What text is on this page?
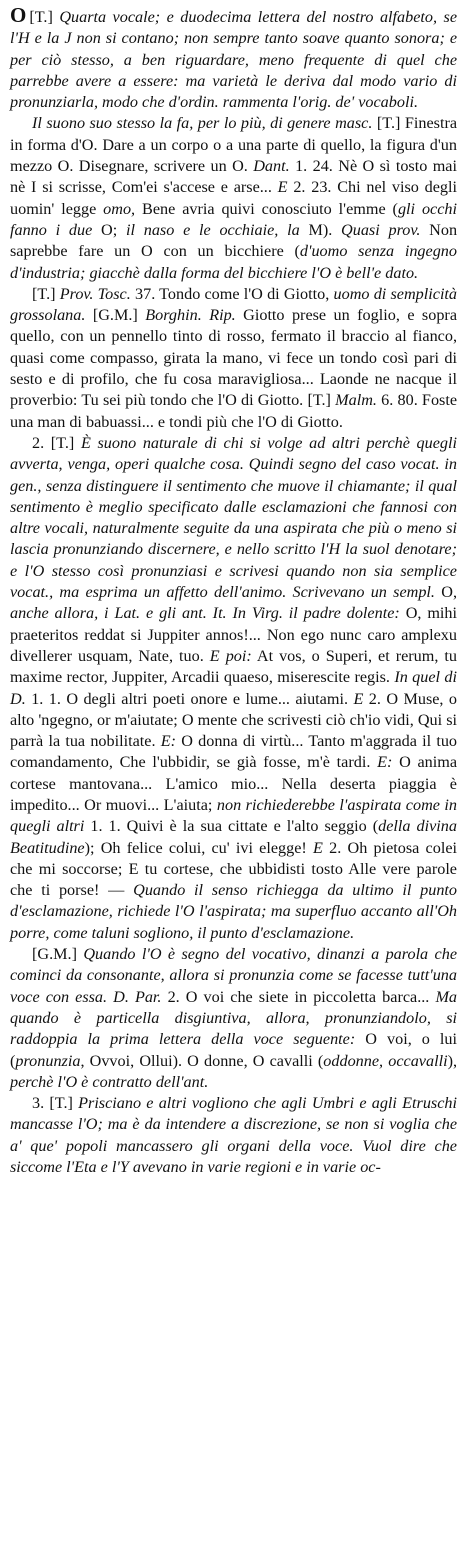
O [T.] Quarta vocale; e duodecima lettera del nostro alfabeto, se l'H e la J non si contano; non sempre tanto soave quanto sonora; e per ciò stesso, a ben riguardare, meno frequente di quel che parrebbe avere a essere: ma varietà le deriva dal modo vario di pronunziarla, modo che d'ordin. rammenta l'orig. de' vocaboli.

Il suono suo stesso la fa, per lo più, di genere masc. [T.] Finestra in forma d'O. Dare a un corpo o a una parte di quello, la figura d'un mezzo O. Disegnare, scrivere un O. Dant. 1. 24. Nè O sì tosto mai nè I si scrisse, Com'ei s'accese e arse... E 2. 23. Chi nel viso degli uomin' legge omo, Bene avria quivi conosciuto l'emme (gli occhi fanno i due O; il naso e le occhiaie, la M). Quasi prov. Non saprebbe fare un O con un bicchiere (d'uomo senza ingegno d'industria; giacchè dalla forma del bicchiere l'O è bell'e dato.

[T.] Prov. Tosc. 37. Tondo come l'O di Giotto, uomo di semplicità grossolana. [G.M.] Borghin. Rip. Giotto prese un foglio, e sopra quello, con un pennello tinto di rosso, fermato il braccio al fianco, quasi come compasso, girata la mano, vi fece un tondo così pari di sesto e di profilo, che fu cosa maravigliosa... Laonde ne nacque il proverbio: Tu sei più tondo che l'O di Giotto. [T.] Malm. 6. 80. Foste una man di babuassi... e tondi più che l'O di Giotto.

2. [T.] È suono naturale di chi si volge ad altri perchè quegli avverta, venga, operi qualche cosa. Quindi segno del caso vocat. in gen., senza distinguere il sentimento che muove il chiamante; il qual sentimento è meglio specificato dalle esclamazioni che fannosi con altre vocali, naturalmente seguite da una aspirata che più o meno si lascia pronunziando discernere, e nello scritto l'H la suol denotare; e l'O stesso così pronunziasi e scrivesi quando non sia semplice vocat., ma esprima un affetto dell'animo. Scrivevano un sempl. O, anche allora, i Lat. e gli ant. It. In Virg. il padre dolente: O, mihi praeteritos reddat si Juppiter annos!... Non ego nunc caro amplexu divellerer usquam, Nate, tuo. E poi: At vos, o Superi, et rerum, tu maxime rector, Juppiter, Arcadii quaeso, miserescite regis. In quel di D. 1. 1. O degli altri poeti onore e lume... aiutami. E 2. O Muse, o alto 'ngegno, or m'aiutate; O mente che scrivesti ciò ch'io vidi, Qui si parrà la tua nobilitate. E: O donna di virtù... Tanto m'aggrada il tuo comandamento, Che l'ubbidir, se già fosse, m'è tardi. E: O anima cortese mantovana... L'amico mio... Nella deserta piaggia è impedito... Or muovi... L'aiuta; non richiederebbe l'aspirata come in quegli altri 1. 1. Quivi è la sua cittate e l'alto seggio (della divina Beatitudine); Oh felice colui, cu' ivi elegge! E 2. Oh pietosa colei che mi soccorse; E tu cortese, che ubbidisti tosto Alle vere parole che ti porse! — Quando il senso richiegga da ultimo il punto d'esclamazione, richiede l'O l'aspirata; ma superfluo accanto all'Oh porre, come taluni sogliono, il punto d'esclamazione.

[G.M.] Quando l'O è segno del vocativo, dinanzi a parola che cominci da consonante, allora si pronunzia come se facesse tutt'una voce con essa. D. Par. 2. O voi che siete in piccoletta barca... Ma quando è particella disgiuntiva, allora, pronunziandolo, si raddoppia la prima lettera della voce seguente: O voi, o lui (pronunzia, Ovvoi, Ollui). O donne, O cavalli (oddonne, occavalli), perchè l'O è contratto dell'ant.

3. [T.] Prisciano e altri vogliono che agli Umbri e agli Etruschi mancasse l'O; ma è da intendere a discrezione, se non si voglia che a' que' popoli mancassero gli organi della voce. Vuol dire che siccome l'Eta e l'Y avevano in varie regioni e in varie oc-
